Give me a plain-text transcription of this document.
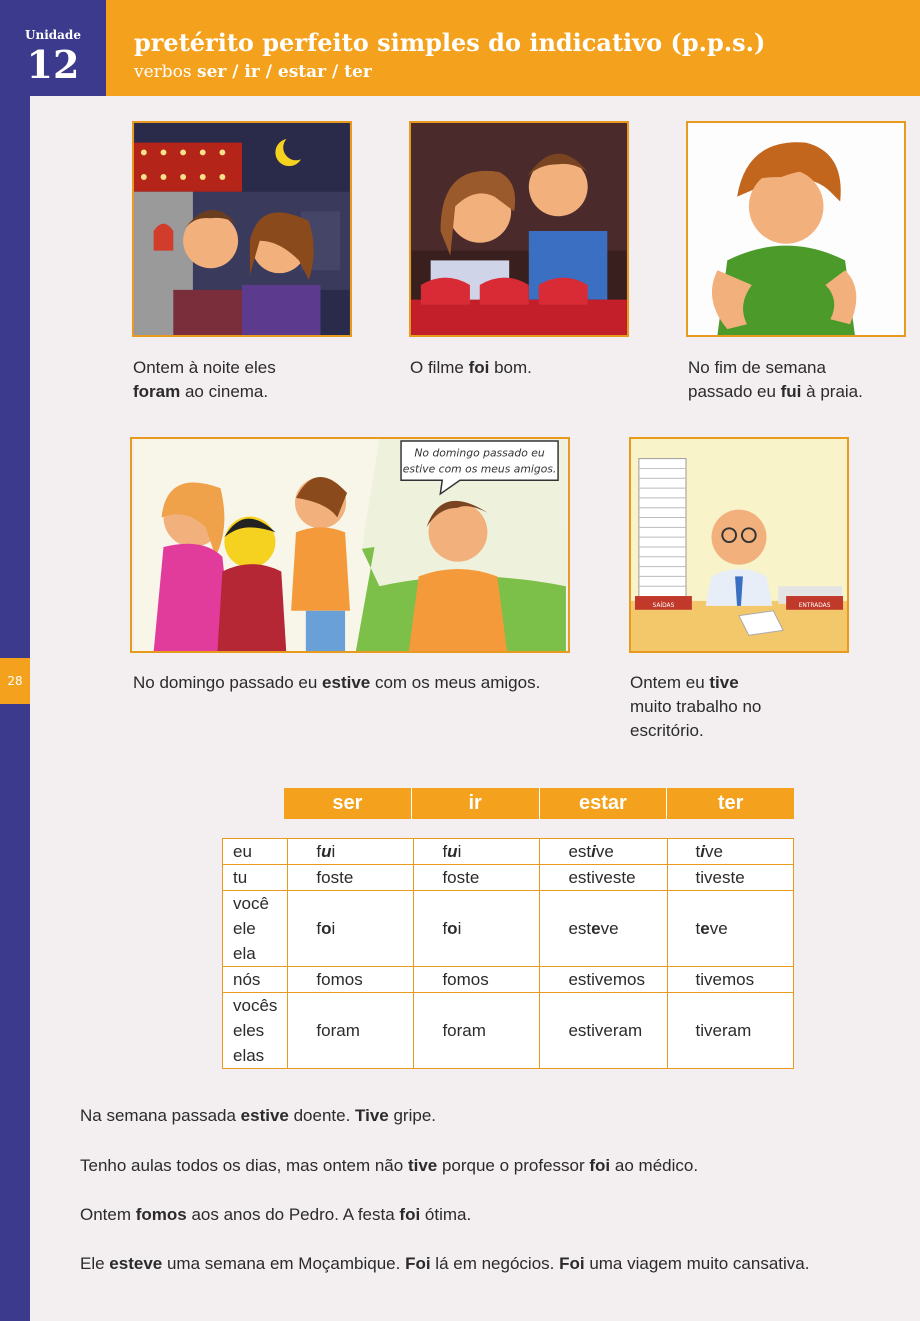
Unidade
12	pretérito perfeito simples do indicativo (p.p.s.)
verbos ser / ir / estar / ter
28
Ontem à noite eles
foram ao cinema.
O filme foi bom.	No fim de semana
passado eu fui à praia.
No domingo passado eu
estive com os meus amigos.
SAÍDAS	ENTRADAS
No domingo passado eu estive com os meus amigos.	Ontem eu tive
muito trabalho no
escritório.
ser	ir	estar	ter
eu	fui	fui	estive	tive

tu	foste	foste	estiveste	tiveste

você
ele
ela	foi	foi	esteve	teve

nós	fomos	fomos	estivemos	tivemos

vocês
eles
elas	foram	foram	estiveram	tiveram
Na semana passada estive doente. Tive gripe.
Tenho aulas todos os dias, mas ontem não tive porque o professor foi ao médico.
Ontem fomos aos anos do Pedro. A festa foi ótima.
Ele esteve uma semana em Moçambique. Foi lá em negócios. Foi uma viagem muito cansativa.
